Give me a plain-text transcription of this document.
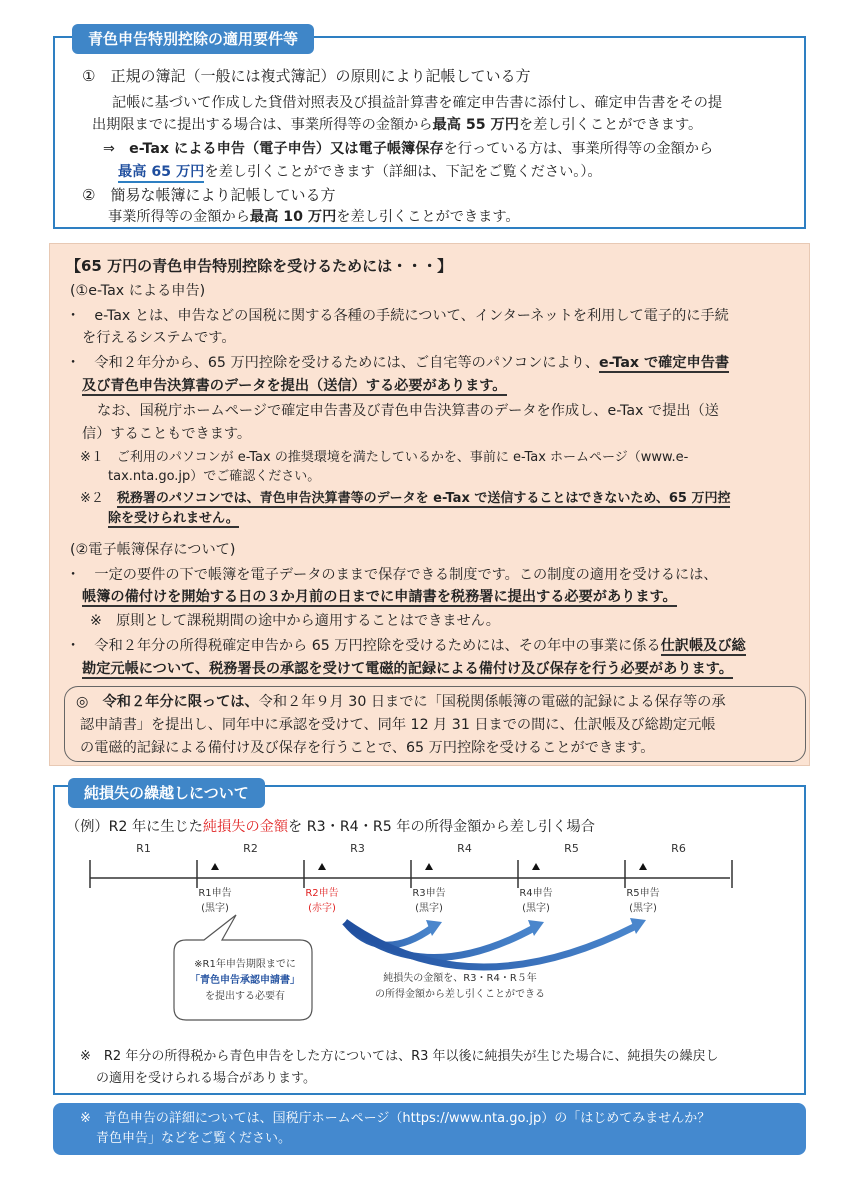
青色申告特別控除の適用要件等
①　正規の簿記（一般には複式簿記）の原則により記帳している方
記帳に基づいて作成した貸借対照表及び損益計算書を確定申告書に添付し、確定申告書をその提
出期限までに提出する場合は、事業所得等の金額から最高 55 万円を差し引くことができます。
⇒　e-Tax による申告（電子申告）又は電子帳簿保存を行っている方は、事業所得等の金額から
最高 65 万円を差し引くことができます（詳細は、下記をご覧ください。）。
②　簡易な帳簿により記帳している方
事業所得等の金額から最高 10 万円を差し引くことができます。
【65 万円の青色申告特別控除を受けるためには・・・】
(①e-Tax による申告)
・　e-Tax とは、申告などの国税に関する各種の手続について、インターネットを利用して電子的に手続
を行えるシステムです。
・　令和２年分から、65 万円控除を受けるためには、ご自宅等のパソコンにより、e-Tax で確定申告書
及び青色申告決算書のデータを提出（送信）する必要があります。
なお、国税庁ホームページで確定申告書及び青色申告決算書のデータを作成し、e-Tax で提出（送
信）することもできます。
※１　ご利用のパソコンが e-Tax の推奨環境を満たしているかを、事前に e-Tax ホームページ（www.e-
tax.nta.go.jp）でご確認ください。
※２　税務署のパソコンでは、青色申告決算書等のデータを e-Tax で送信することはできないため、65 万円控
除を受けられません。
(②電子帳簿保存について)
・　一定の要件の下で帳簿を電子データのままで保存できる制度です。この制度の適用を受けるには、
帳簿の備付けを開始する日の３か月前の日までに申請書を税務署に提出する必要があります。
※　原則として課税期間の途中から適用することはできません。
・　令和２年分の所得税確定申告から 65 万円控除を受けるためには、その年中の事業に係る仕訳帳及び総
勘定元帳について、税務署長の承認を受けて電磁的記録による備付け及び保存を行う必要があります。
◎　令和２年分に限っては、令和２年９月 30 日までに「国税関係帳簿の電磁的記録による保存等の承
認申請書」を提出し、同年中に承認を受けて、同年 12 月 31 日までの間に、仕訳帳及び総勘定元帳
の電磁的記録による備付け及び保存を行うことで、65 万円控除を受けることができます。
純損失の繰越しについて
（例）R2 年に生じた純損失の金額を R3・R4・R5 年の所得金額から差し引く場合
R1	R2	R3	R4	R5	R6
R1申告
(黒字)
R2申告
(赤字)
R3申告
(黒字)
R4申告
(黒字)
R5申告
(黒字)
※R1年申告期限までに
「青色申告承認申請書」
を提出する必要有
純損失の金額を、R3・R4・R５年
の所得金額から差し引くことができる
※　R2 年分の所得税から青色申告をした方については、R3 年以後に純損失が生じた場合に、純損失の繰戻し
の適用を受けられる場合があります。
※　青色申告の詳細については、国税庁ホームページ（https://www.nta.go.jp）の「はじめてみませんか？
青色申告」などをご覧ください。
